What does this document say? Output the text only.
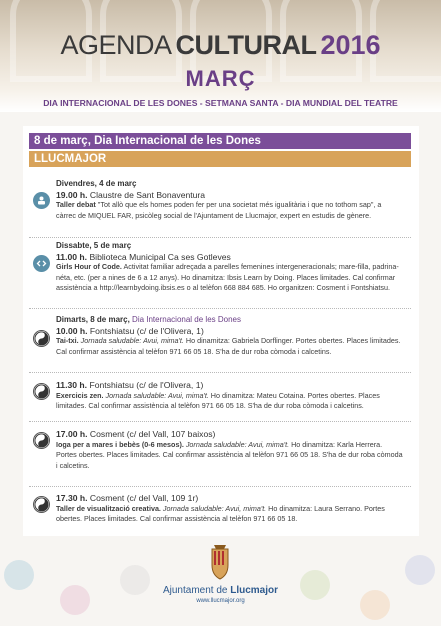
AGENDA CULTURAL 2016
MARÇ
DIA INTERNACIONAL DE LES DONES - SETMANA SANTA - DIA MUNDIAL DEL TEATRE
8 de març, Dia Internacional de les Dones
LLUCMAJOR
Divendres, 4 de març
19.00 h. Claustre de Sant Bonaventura
Taller debat "Tot allò que els homes poden fer per una societat més igualitària i que no tothom sap", a
càrrec de MIQUEL FAR, psicòleg social de l'Ajuntament de Llucmajor, expert en estudis de gènere.
Dissabte, 5 de març
11.00 h. Biblioteca Municipal Ca ses Gotleves
Girls Hour of Code. Activitat familiar adreçada a parelles femenines intergeneracionals; mare-filla, padrina-
néta, etc. (per a nines de 6 a 12 anys). Ho dinamitza: Ibsis Learn by Doing. Places limitades. Cal confirmar
assistència a http://learnbydoing.ibsis.es o al telèfon 668 884 685. Ho organitzen: Cosment i Fontshiatsu.
Dimarts, 8 de març, Dia Internacional de les Dones
10.00 h. Fontshiatsu (c/ de l'Olivera, 1)
Tai-txi. Jornada saludable: Avui, mima't. Ho dinamitza: Gabriela Dorflinger. Portes obertes. Places limitades.
Cal confirmar assistència al telèfon 971 66 05 18. S'ha de dur roba còmoda i calcetins.
11.30 h. Fontshiatsu (c/ de l'Olivera, 1)
Exercicis zen. Jornada saludable: Avui, mima't. Ho dinamitza: Mateu Cotaina. Portes obertes. Places
limitades. Cal confirmar assistència al telèfon 971 66 05 18. S'ha de dur roba còmoda i calcetins.
17.00 h. Cosment (c/ del Vall, 107 baixos)
Ioga per a mares i bebès (0-6 mesos). Jornada saludable: Avui, mima't. Ho dinamitza: Karla Herrera.
Portes obertes. Places limitades. Cal confirmar assistència al telèfon 971 66 05 18. S'ha de dur roba còmoda
i calcetins.
17.30 h. Cosment (c/ del Vall, 109 1r)
Taller de visualització creativa. Jornada saludable: Avui, mima't. Ho dinamitza: Laura Serrano. Portes
obertes. Places limitades. Cal confirmar assistència al telèfon 971 66 05 18.
Ajuntament de Llucmajor
www.llucmajor.org
